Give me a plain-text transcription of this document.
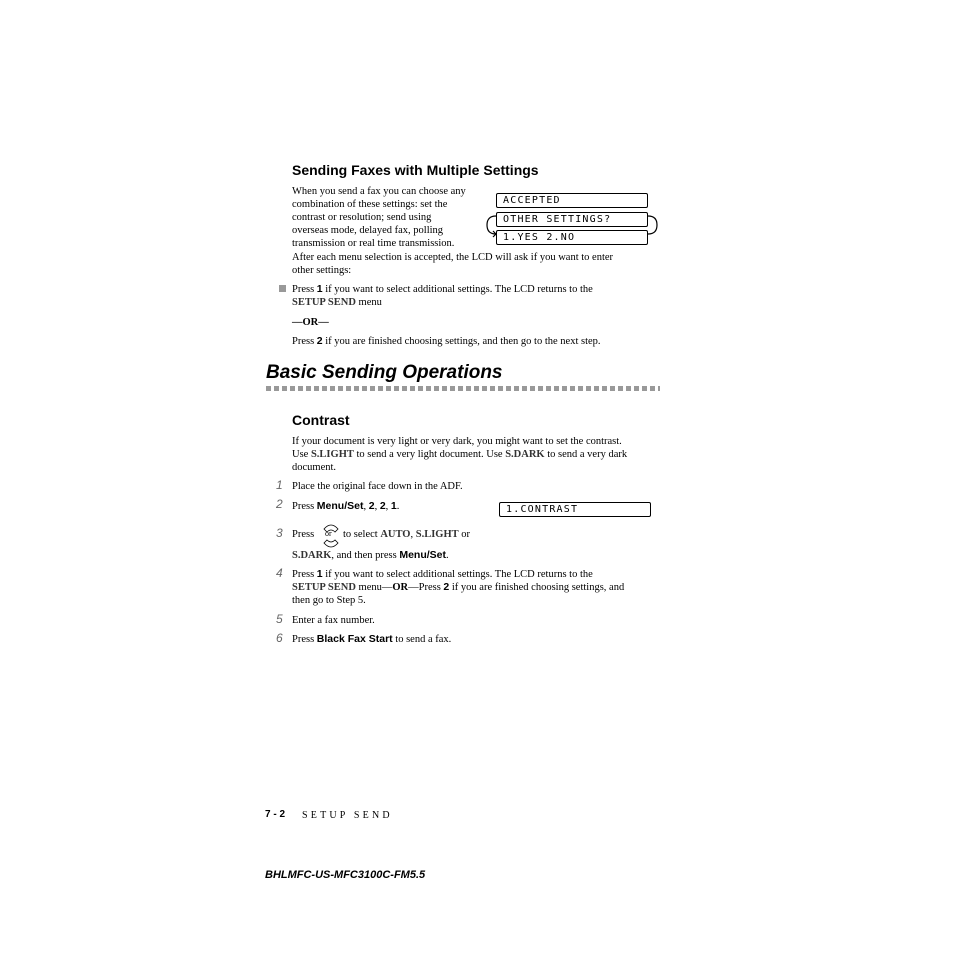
Sending Faxes with Multiple Settings
When you send a fax you can choose any
combination of these settings: set the
contrast or resolution; send using
overseas mode, delayed fax, polling
transmission or real time transmission.
ACCEPTED
OTHER SETTINGS?
1.YES 2.NO
After each menu selection is accepted, the LCD will ask if you want to enter
other settings:
Press 1 if you want to select additional settings. The LCD returns to the
SETUP SEND menu
—OR—
Press 2 if you are finished choosing settings, and then go to the next step.
Basic Sending Operations
Contrast
If your document is very light or very dark, you might want to set the contrast.
Use S.LIGHT to send a very light document. Use S.DARK to send a very dark
document.
1 Place the original face down in the ADF.
2 Press Menu/Set, 2, 2, 1.	1.CONTRAST
3 Press or to select AUTO, S.LIGHT or
S.DARK, and then press Menu/Set.
4 Press 1 if you want to select additional settings. The LCD returns to the
SETUP SEND menu—OR—Press 2 if you are finished choosing settings, and
then go to Step 5.
5 Enter a fax number.
6 Press Black Fax Start to send a fax.
7 - 2 SETUP SEND
BHLMFC-US-MFC3100C-FM5.5
